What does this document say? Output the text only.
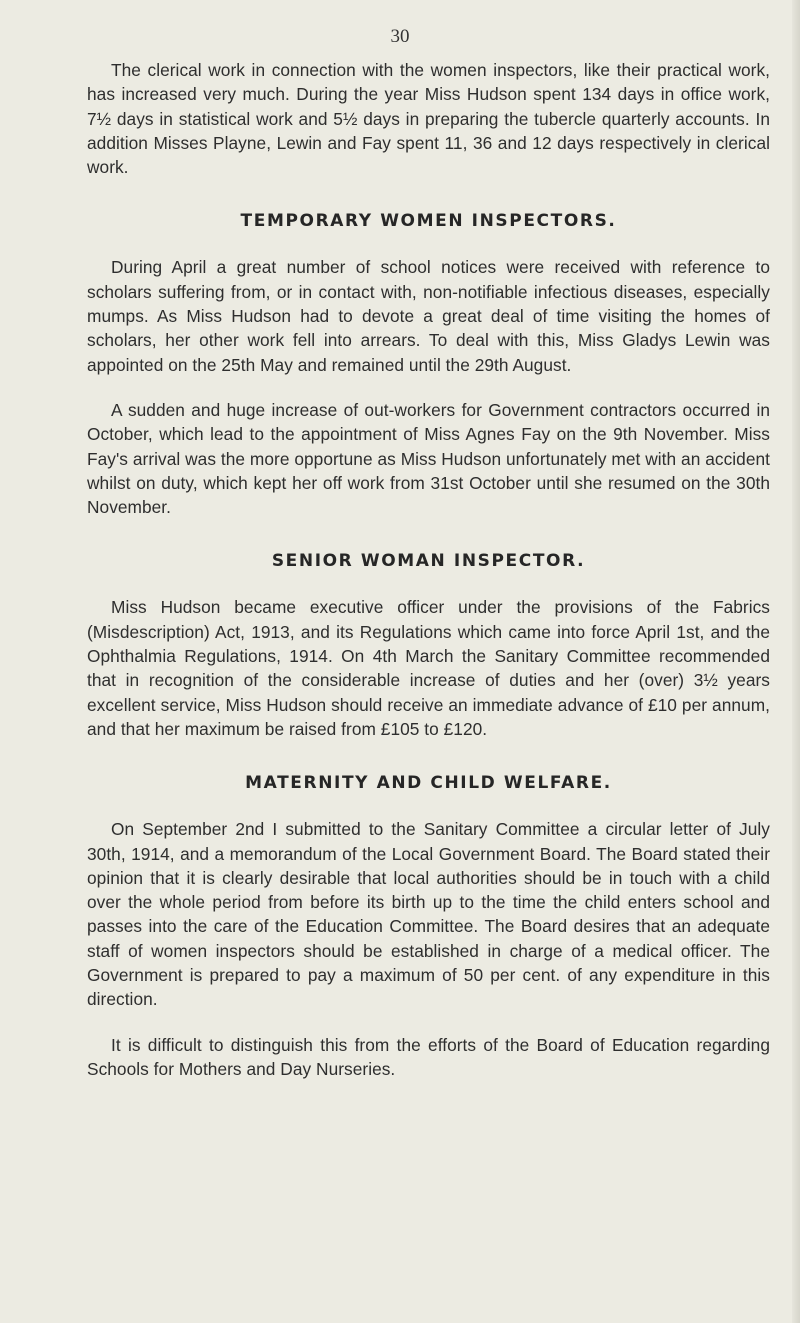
30

The clerical work in connection with the women inspectors, like their practical work, has increased very much. During the year Miss Hudson spent 134 days in office work, 7½ days in statistical work and 5½ days in preparing the tubercle quarterly accounts. In addition Misses Playne, Lewin and Fay spent 11, 36 and 12 days respectively in clerical work.

TEMPORARY WOMEN INSPECTORS.

During April a great number of school notices were received with reference to scholars suffering from, or in contact with, non-notifiable infectious diseases, especially mumps. As Miss Hudson had to devote a great deal of time visiting the homes of scholars, her other work fell into arrears. To deal with this, Miss Gladys Lewin was appointed on the 25th May and remained until the 29th August.

A sudden and huge increase of out-workers for Government contractors occurred in October, which lead to the appointment of Miss Agnes Fay on the 9th November. Miss Fay's arrival was the more opportune as Miss Hudson unfortunately met with an accident whilst on duty, which kept her off work from 31st October until she resumed on the 30th November.

SENIOR WOMAN INSPECTOR.

Miss Hudson became executive officer under the provisions of the Fabrics (Misdescription) Act, 1913, and its Regulations which came into force April 1st, and the Ophthalmia Regulations, 1914. On 4th March the Sanitary Committee recommended that in recognition of the considerable increase of duties and her (over) 3½ years excellent service, Miss Hudson should receive an immediate advance of £10 per annum, and that her maximum be raised from £105 to £120.

MATERNITY AND CHILD WELFARE.

On September 2nd I submitted to the Sanitary Committee a circular letter of July 30th, 1914, and a memorandum of the Local Government Board. The Board stated their opinion that it is clearly desirable that local authorities should be in touch with a child over the whole period from before its birth up to the time the child enters school and passes into the care of the Education Committee. The Board desires that an adequate staff of women inspectors should be established in charge of a medical officer. The Government is prepared to pay a maximum of 50 per cent. of any expenditure in this direction.

It is difficult to distinguish this from the efforts of the Board of Education regarding Schools for Mothers and Day Nurseries.
